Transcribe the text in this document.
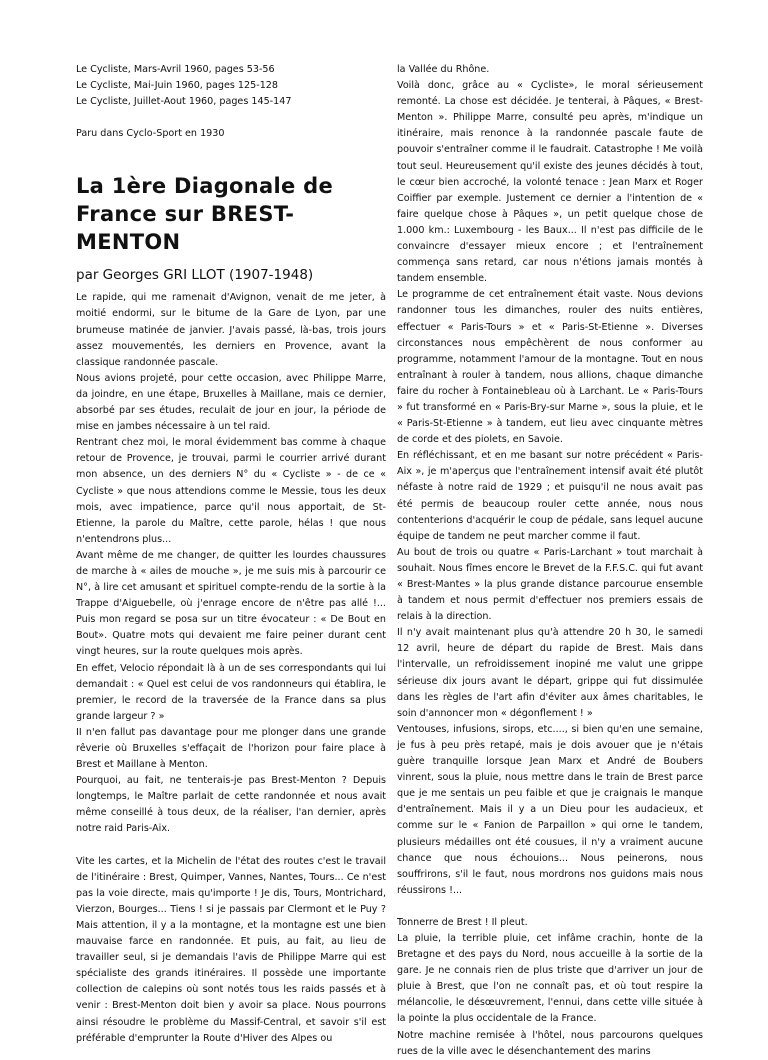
Le Cycliste, Mars-Avril 1960, pages 53-56

Le Cycliste, Mai-Juin 1960, pages 125-128

Le Cycliste, Juillet-Aout 1960, pages 145-147

Paru dans Cyclo-Sport en 1930

La 1ère Diagonale de France sur BREST-MENTON
par Georges GRI LLOT (1907-1948)

Le rapide, qui me ramenait d'Avignon, venait de me jeter, à moitié endormi, sur le bitume de la Gare de Lyon, par une brumeuse matinée de janvier. J'avais passé, là-bas, trois jours assez mouvementés, les derniers en Provence, avant la classique randonnée pascale.

Nous avions projeté, pour cette occasion, avec Philippe Marre, da joindre, en une étape, Bruxelles à Maillane, mais ce dernier, absorbé par ses études, reculait de jour en jour, la période de mise en jambes nécessaire à un tel raid.

Rentrant chez moi, le moral évidemment bas comme à chaque retour de Provence, je trouvai, parmi le courrier arrivé durant mon absence, un des derniers N° du « Cycliste » - de ce « Cycliste » que nous attendions comme le Messie, tous les deux mois, avec impatience, parce qu'il nous apportait, de St-Etienne, la parole du Maître, cette parole, hélas ! que nous n'entendrons plus...

Avant même de me changer, de quitter les lourdes chaussures de marche à « ailes de mouche », je me suis mis à parcourir ce N°, à lire cet amusant et spirituel compte-rendu de la sortie à la Trappe d'Aiguebelle, où j'enrage encore de n'être pas allé !... Puis mon regard se posa sur un titre évocateur : « De Bout en Bout». Quatre mots qui devaient me faire peiner durant cent vingt heures, sur la route quelques mois après.

En effet, Velocio répondait là à un de ses correspondants qui lui demandait : « Quel est celui de vos randonneurs qui établira, le premier, le record de la traversée de la France dans sa plus grande largeur ? »

II n'en fallut pas davantage pour me plonger dans une grande rêverie où Bruxelles s'effaçait de l'horizon pour faire place à Brest et Maillane à Menton.

Pourquoi, au fait, ne tenterais-je pas Brest-Menton ? Depuis longtemps, le Maître parlait de cette randonnée et nous avait même conseillé à tous deux, de la réaliser, l'an dernier, après notre raid Paris-Aix.

Vite les cartes, et la Michelin de l'état des routes c'est le travail de l'itinéraire : Brest, Quimper, Vannes, Nantes, Tours... Ce n'est pas la voie directe, mais qu'importe ! Je dis, Tours, Montrichard, Vierzon, Bourges... Tiens ! si je passais par Clermont et le Puy ? Mais attention, il y a la montagne, et la montagne est une bien mauvaise farce en randonnée. Et puis, au fait, au lieu de travailler seul, si je demandais l'avis de Philippe Marre qui est spécialiste des grands itinéraires. Il possède une importante collection de calepins où sont notés tous les raids passés et à venir : Brest-Menton doit bien y avoir sa place. Nous pourrons ainsi résoudre le problème du Massif-Central, et savoir s'il est préférable d'emprunter la Route d'Hiver des Alpes ou

la Vallée du Rhône.

Voilà donc, grâce au « Cycliste», le moral sérieusement remonté. La chose est décidée. Je tenterai, à Pâques, « Brest-Menton ». Philippe Marre, consulté peu après, m'indique un itinéraire, mais renonce à la randonnée pascale faute de pouvoir s'entraîner comme il le faudrait. Catastrophe ! Me voilà tout seul. Heureusement qu'il existe des jeunes décidés à tout, le cœur bien accroché, la volonté tenace : Jean Marx et Roger Coiffier par exemple. Justement ce dernier a l'intention de « faire quelque chose à Pâques », un petit quelque chose de 1.000 km.: Luxembourg - les Baux... Il n'est pas difficile de le convaincre d'essayer mieux encore ; et l'entraînement commença sans retard, car nous n'étions jamais montés à tandem ensemble.

Le programme de cet entraînement était vaste. Nous devions randonner tous les dimanches, rouler des nuits entières, effectuer « Paris-Tours » et « Paris-St-Etienne ». Diverses circonstances nous empêchèrent de nous conformer au programme, notamment l'amour de la montagne. Tout en nous entraînant à rouler à tandem, nous allions, chaque dimanche faire du rocher à Fontainebleau où à Larchant. Le « Paris-Tours » fut transformé en « Paris-Bry-sur Marne », sous la pluie, et le « Paris-St-Etienne » à tandem, eut lieu avec cinquante mètres de corde et des piolets, en Savoie.

En réfléchissant, et en me basant sur notre précédent « Paris-Aix », je m'aperçus que l'entraînement intensif avait été plutôt néfaste à notre raid de 1929 ; et puisqu'il ne nous avait pas été permis de beaucoup rouler cette année, nous nous contenterions d'acquérir le coup de pédale, sans lequel aucune équipe de tandem ne peut marcher comme il faut.

Au bout de trois ou quatre « Paris-Larchant » tout marchait à souhait. Nous fîmes encore le Brevet de la F.F.S.C. qui fut avant « Brest-Mantes » la plus grande distance parcourue ensemble à tandem et nous permit d'effectuer nos premiers essais de relais à la direction.

Il n'y avait maintenant plus qu'à attendre 20 h 30, le samedi 12 avril, heure de départ du rapide de Brest. Mais dans l'intervalle, un refroidissement inopiné me valut une grippe sérieuse dix jours avant le départ, grippe qui fut dissimulée dans les règles de l'art afin d'éviter aux âmes charitables, le soin d'annoncer mon « dégonflement ! »

Ventouses, infusions, sirops, etc...., si bien qu'en une semaine, je fus à peu près retapé, mais je dois avouer que je n'étais guère tranquille lorsque Jean Marx et André de Boubers vinrent, sous la pluie, nous mettre dans le train de Brest parce que je me sentais un peu faible et que je craignais le manque d'entraînement. Mais il y a un Dieu pour les audacieux, et comme sur le « Fanion de Parpaillon » qui orne le tandem, plusieurs médailles ont été cousues, il n'y a vraiment aucune chance que nous échouions... Nous peinerons, nous souffrirons, s'il le faut, nous mordrons nos guidons mais nous réussirons !...

Tonnerre de Brest ! Il pleut.

La pluie, la terrible pluie, cet infâme crachin, honte de la Bretagne et des pays du Nord, nous accueille à la sortie de la gare. Je ne connais rien de plus triste que d'arriver un jour de pluie à Brest, que l'on ne connaît pas, et où tout respire la mélancolie, le désœuvrement, l'ennui, dans cette ville située à la pointe la plus occidentale de la France.

Notre machine remisée à l'hôtel, nous parcourons quelques rues de la ville avec le désenchantement des marins
